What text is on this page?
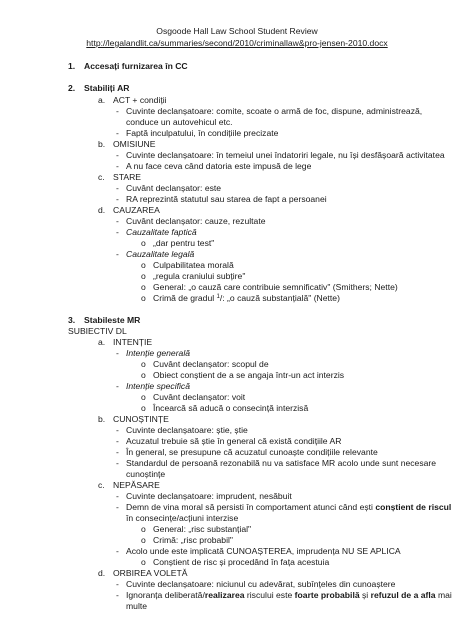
Osgoode Hall Law School Student Review
http://legalandlit.ca/summaries/second/2010/criminallaw&pro-jensen-2010.docx
1. Accesați furnizarea în CC
2. Stabiliți AR
a. ACT + condiții
- Cuvinte declanșatoare: comite, scoate o armă de foc, dispune, administrează,
conduce un autovehicul etc.
- Faptă inculpatului, în condițiile precizate
b. OMISIUNE
- Cuvinte declanșatoare: în temeiul unei îndatoriri legale, nu își desfășoară activitatea
- A nu face ceva când datoria este impusă de lege
c. STARE
- Cuvânt declanșator: este
- RA reprezintă statutul sau starea de fapt a persoanei
d. CAUZAREA
- Cuvânt declanșator: cauze, rezultate
- Cauzalitate faptică
o „dar pentru test"
- Cauzalitate legală
o Culpabilitatea morală
o „regula craniului subțire"
o General: „o cauză care contribuie semnificativ" (Smithers; Nette)
o Crimă de gradul $^1$/: „o cauză substanțială" (Nette)
3. Stabileste MR
SUBIECTIV DL
a. INTENȚIE
- Intenție generală
o Cuvânt declanșator: scopul de
o Obiect conștient de a se angaja într-un act interzis
- Intenție specifică
o Cuvânt declanșator: voit
o Încearcă să aducă o consecință interzisă
b. CUNOȘTINȚE
- Cuvinte declanșatoare: știe, știe
- Acuzatul trebuie să știe în general că există condițiile AR
- În general, se presupune că acuzatul cunoaște condițiile relevante
- Standardul de persoană rezonabilă nu va satisface MR acolo unde sunt necesare
cunoștințe
c. NEPĂSARE
- Cuvinte declanșatoare: imprudent, nesăbuit
- Demn de vina moral să persisti în comportament atunci când ești conștient de riscul
în consecințe/acțiuni interzise
o General: „risc substanțial"
o Crimă: „risc probabil"
- Acolo unde este implicată CUNOAȘTEREA, imprudența NU SE APLICA
o Conștient de risc și procedând în fața acestuia
d. ORBIREA VOLETĂ
- Cuvinte declanșatoare: niciunul cu adevărat, subînțeles din cunoaștere
- Ignoranța deliberată/realizarea riscului este foarte probabilă și refuzul de a afla mai
multe
